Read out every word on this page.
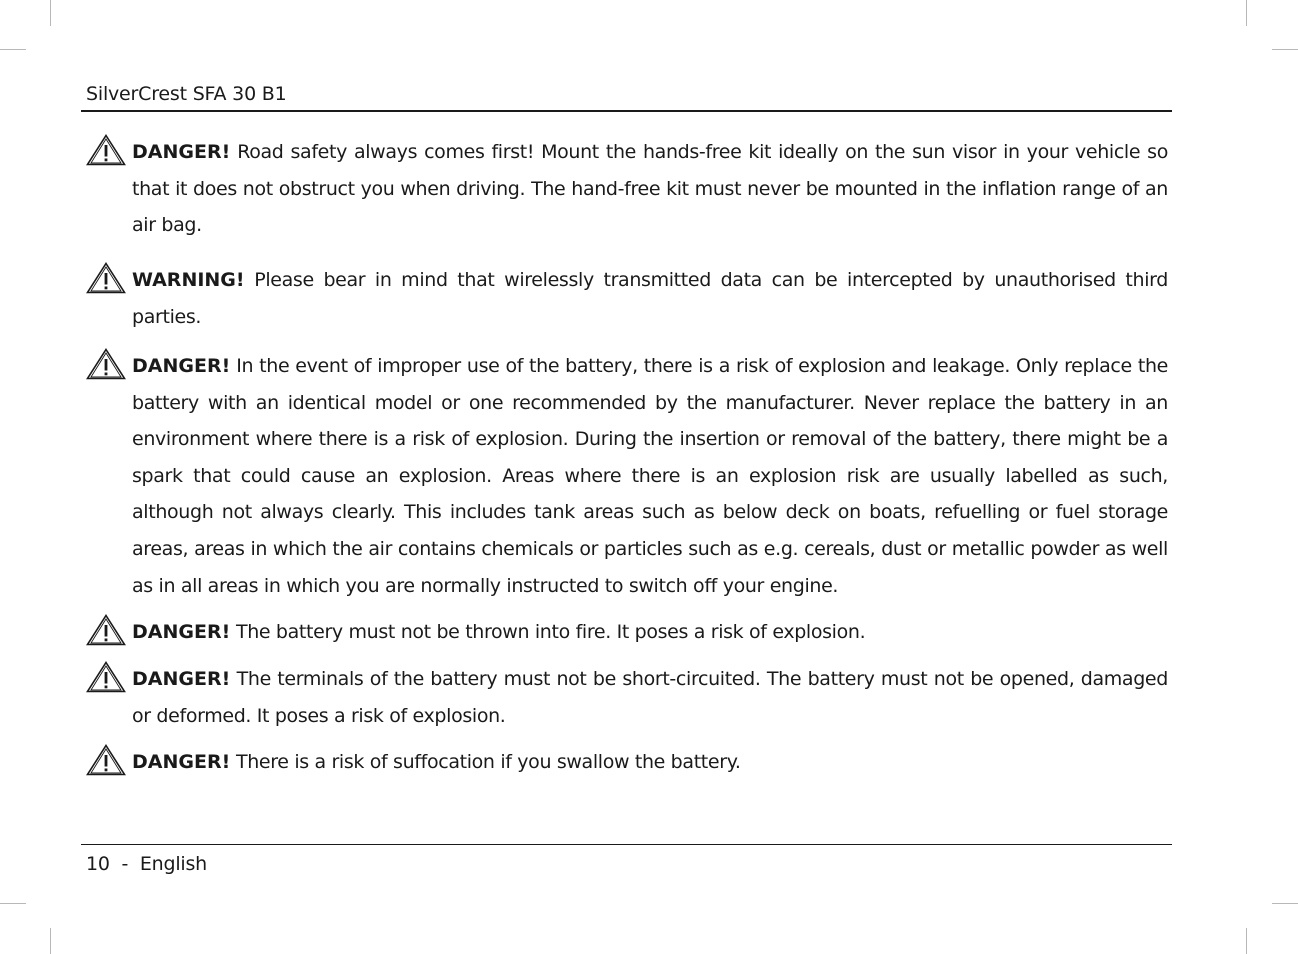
SilverCrest SFA 30 B1
DANGER! Road safety always comes first! Mount the hands-free kit ideally on the sun visor in your vehicle so that it does not obstruct you when driving. The hand-free kit must never be mounted in the inflation range of an air bag.
WARNING! Please bear in mind that wirelessly transmitted data can be intercepted by unauthorised third parties.
DANGER! In the event of improper use of the battery, there is a risk of explosion and leakage. Only replace the battery with an identical model or one recommended by the manufacturer. Never replace the battery in an environment where there is a risk of explosion. During the insertion or removal of the battery, there might be a spark that could cause an explosion. Areas where there is an explosion risk are usually labelled as such, although not always clearly. This includes tank areas such as below deck on boats, refuelling or fuel storage areas, areas in which the air contains chemicals or particles such as e.g. cereals, dust or metallic powder as well as in all areas in which you are normally instructed to switch off your engine.
DANGER! The battery must not be thrown into fire. It poses a risk of explosion.
DANGER! The terminals of the battery must not be short-circuited. The battery must not be opened, damaged or deformed. It poses a risk of explosion.
DANGER! There is a risk of suffocation if you swallow the battery.
10 - English
